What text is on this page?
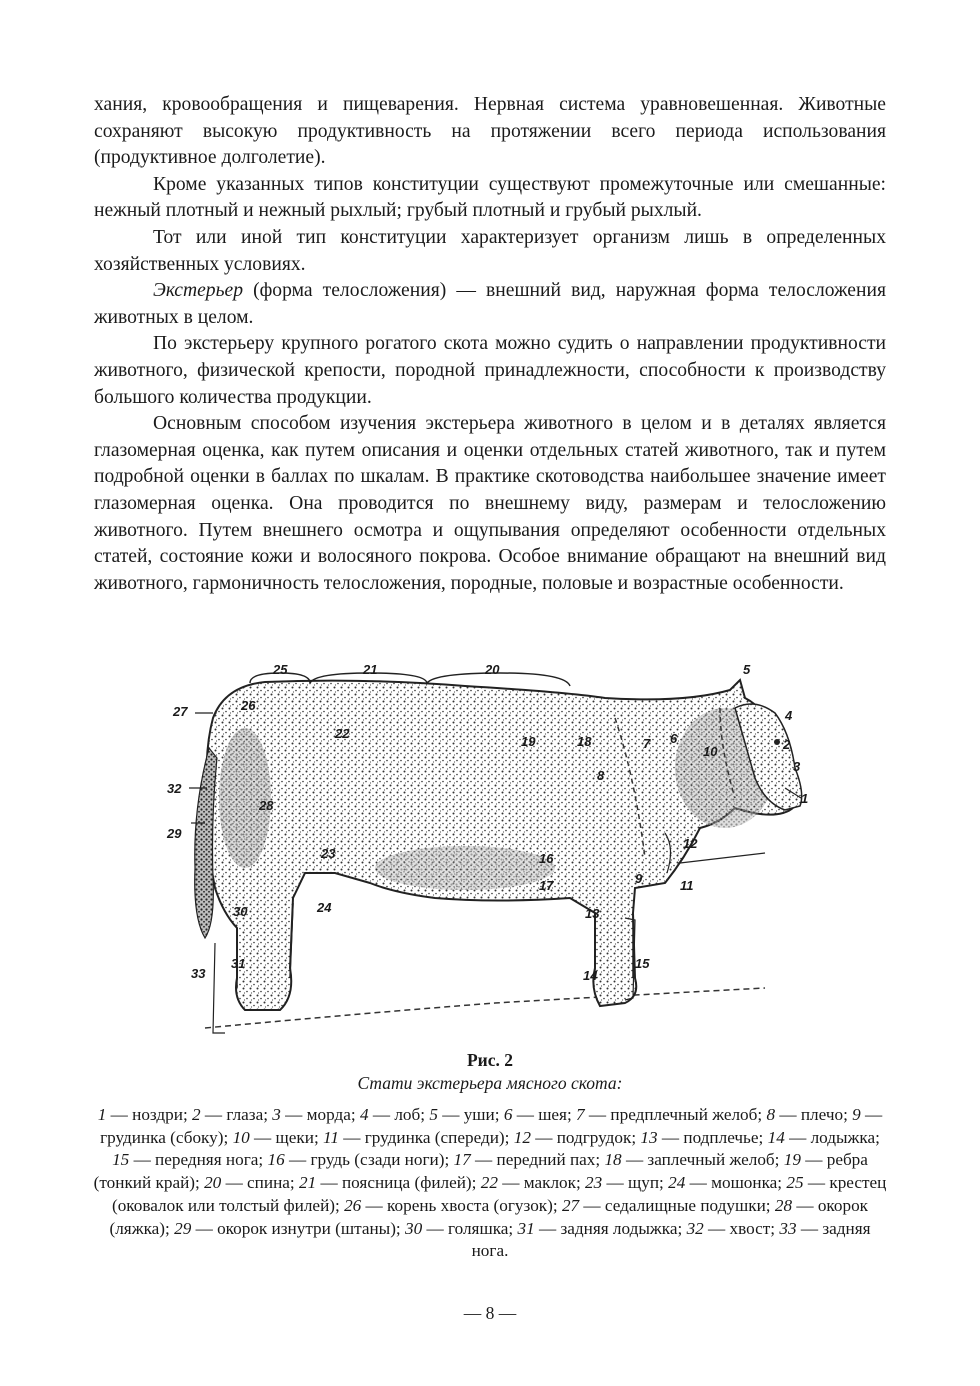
хания, кровообращения и пищеварения. Нервная система уравновешенная. Животные сохраняют высокую продуктивность на протяжении всего периода использования (продуктивное долголетие).

Кроме указанных типов конституции существуют промежуточные или смешанные: нежный плотный и нежный рыхлый; грубый плотный и грубый рыхлый.

Тот или иной тип конституции характеризует организм лишь в определенных хозяйственных условиях.

Экстерьер (форма телосложения) — внешний вид, наружная форма телосложения животных в целом.

По экстерьеру крупного рогатого скота можно судить о направлении продуктивности животного, физической крепости, породной принадлежности, способности к производству большого количества продукции.

Основным способом изучения экстерьера животного в целом и в деталях является глазомерная оценка, как путем описания и оценки отдельных статей животного, так и путем подробной оценки в баллах по шкалам. В практике скотоводства наибольшее значение имеет глазомерная оценка. Она проводится по внешнему виду, размерам и телосложению животного. Путем внешнего осмотра и ощупывания определяют особенности отдельных статей, состояние кожи и волосяного покрова. Особое внимание обращают на внешний вид животного, гармоничность телосложения, породные, половые и возрастные особенности.

1
2
3
4
5
6
7
8
9
10
11
12
13
14
15
16
17
18
19
20
21
22
23
24
25
26
27
28
29
30
31
32
33
Рис. 2
Стати экстерьера мясного скота:
1 — ноздри; 2 — глаза; 3 — морда; 4 — лоб; 5 — уши; 6 — шея; 7 — предплечный желоб; 8 — плечо; 9 — грудинка (сбоку); 10 — щеки; 11 — грудинка (спереди); 12 — подгрудок; 13 — подплечье; 14 — лодыжка; 15 — передняя нога; 16 — грудь (сзади ноги); 17 — передний пах; 18 — заплечный желоб; 19 — ребра (тонкий край); 20 — спина; 21 — поясница (филей); 22 — маклок; 23 — щуп; 24 — мошонка; 25 — крестец (оковалок или толстый филей); 26 — корень хвоста (огузок); 27 — седалищные подушки; 28 — окорок (ляжка); 29 — окорок изнутри (штаны); 30 — голяшка; 31 — задняя лодыжка; 32 — хвост; 33 — задняя нога.
— 8 —
